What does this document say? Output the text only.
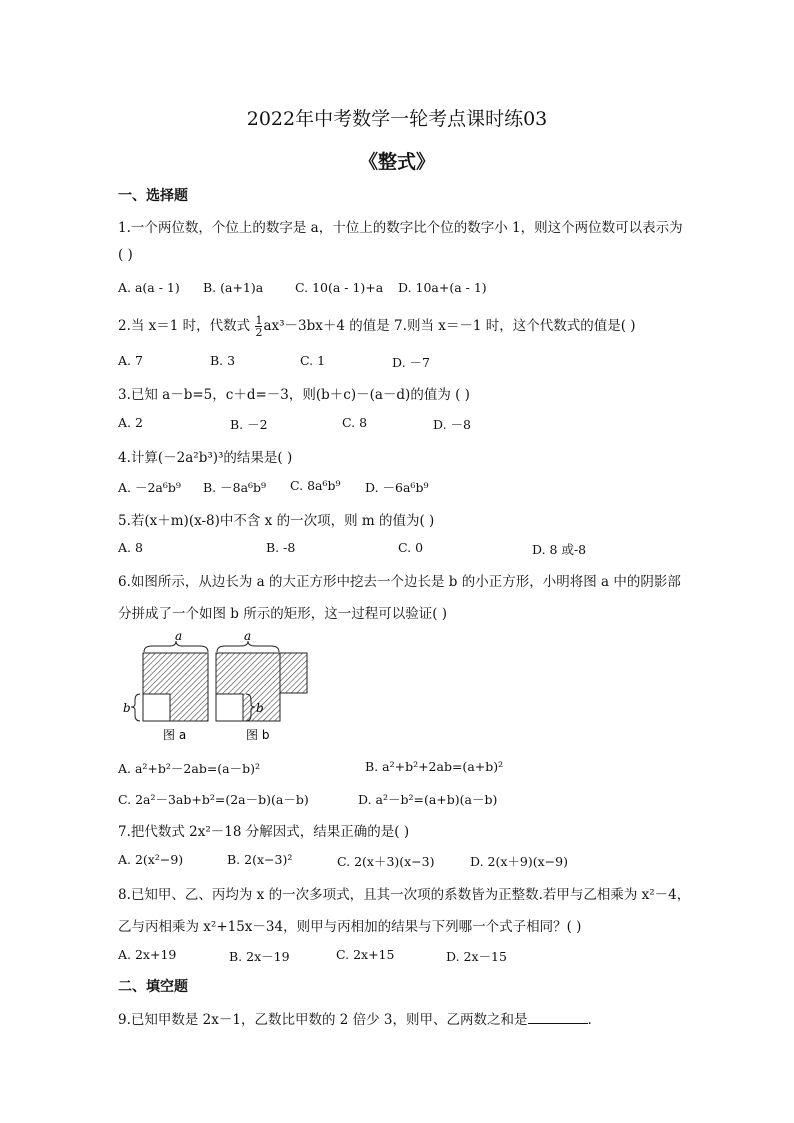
2022年中考数学一轮考点课时练03
《整式》
一、选择题
1.一个两位数，个位上的数字是 a，十位上的数字比个位的数字小 1，则这个两位数可以表示为
( )
A. a(a - 1) B. (a+1)a	C. 10(a - 1)+a D. 10a+(a - 1)
2.当 x＝1 时，代数式 $\frac{1}{2} ax^3-3bx+4$ 的值是 7.则当 x＝－1 时，这个代数式的值是( )
A. 7	B. 3	C. 1	D. －7
3.已知 a－b=5，c＋d=－3，则(b＋c)－(a－d)的值为 ( )
A. 2	B. －2	C. 8	D. －8
4.计算(－2a²b³)³的结果是( )
A. －2a⁶b⁹ B. －8a⁶b⁹ C. 8a⁶b⁹ D. －6a⁶b⁹
5.若(x＋m)(x-8)中不含 x 的一次项，则 m 的值为( )
A. 8	B. -8	C. 0	D. 8 或-8
6.如图所示，从边长为 a 的大正方形中挖去一个边长是 b 的小正方形，小明将图 a 中的阴影部
分拼成了一个如图 b 所示的矩形，这一过程可以验证( )
a
b
图 a
a
b
图 b
A. a²+b²－2ab=(a－b)²	B. a²+b²+2ab=(a+b)²
C. 2a²－3ab+b²=(2a－b)(a－b)	D. a²－b²=(a+b)(a－b)
7.把代数式 2x²－18 分解因式，结果正确的是( )
A. 2(x²−9)	B. 2(x−3)²	C. 2(x＋3)(x−3)	D. 2(x＋9)(x−9)
8.已知甲、乙、丙均为 x 的一次多项式，且其一次项的系数皆为正整数.若甲与乙相乘为 x²－4，
乙与丙相乘为 x²+15x－34，则甲与丙相加的结果与下列哪一个式子相同？( )
A. 2x+19	B. 2x－19	C. 2x+15	D. 2x－15
二、填空题
9.已知甲数是 2x－1，乙数比甲数的 2 倍少 3，则甲、乙两数之和是	.
